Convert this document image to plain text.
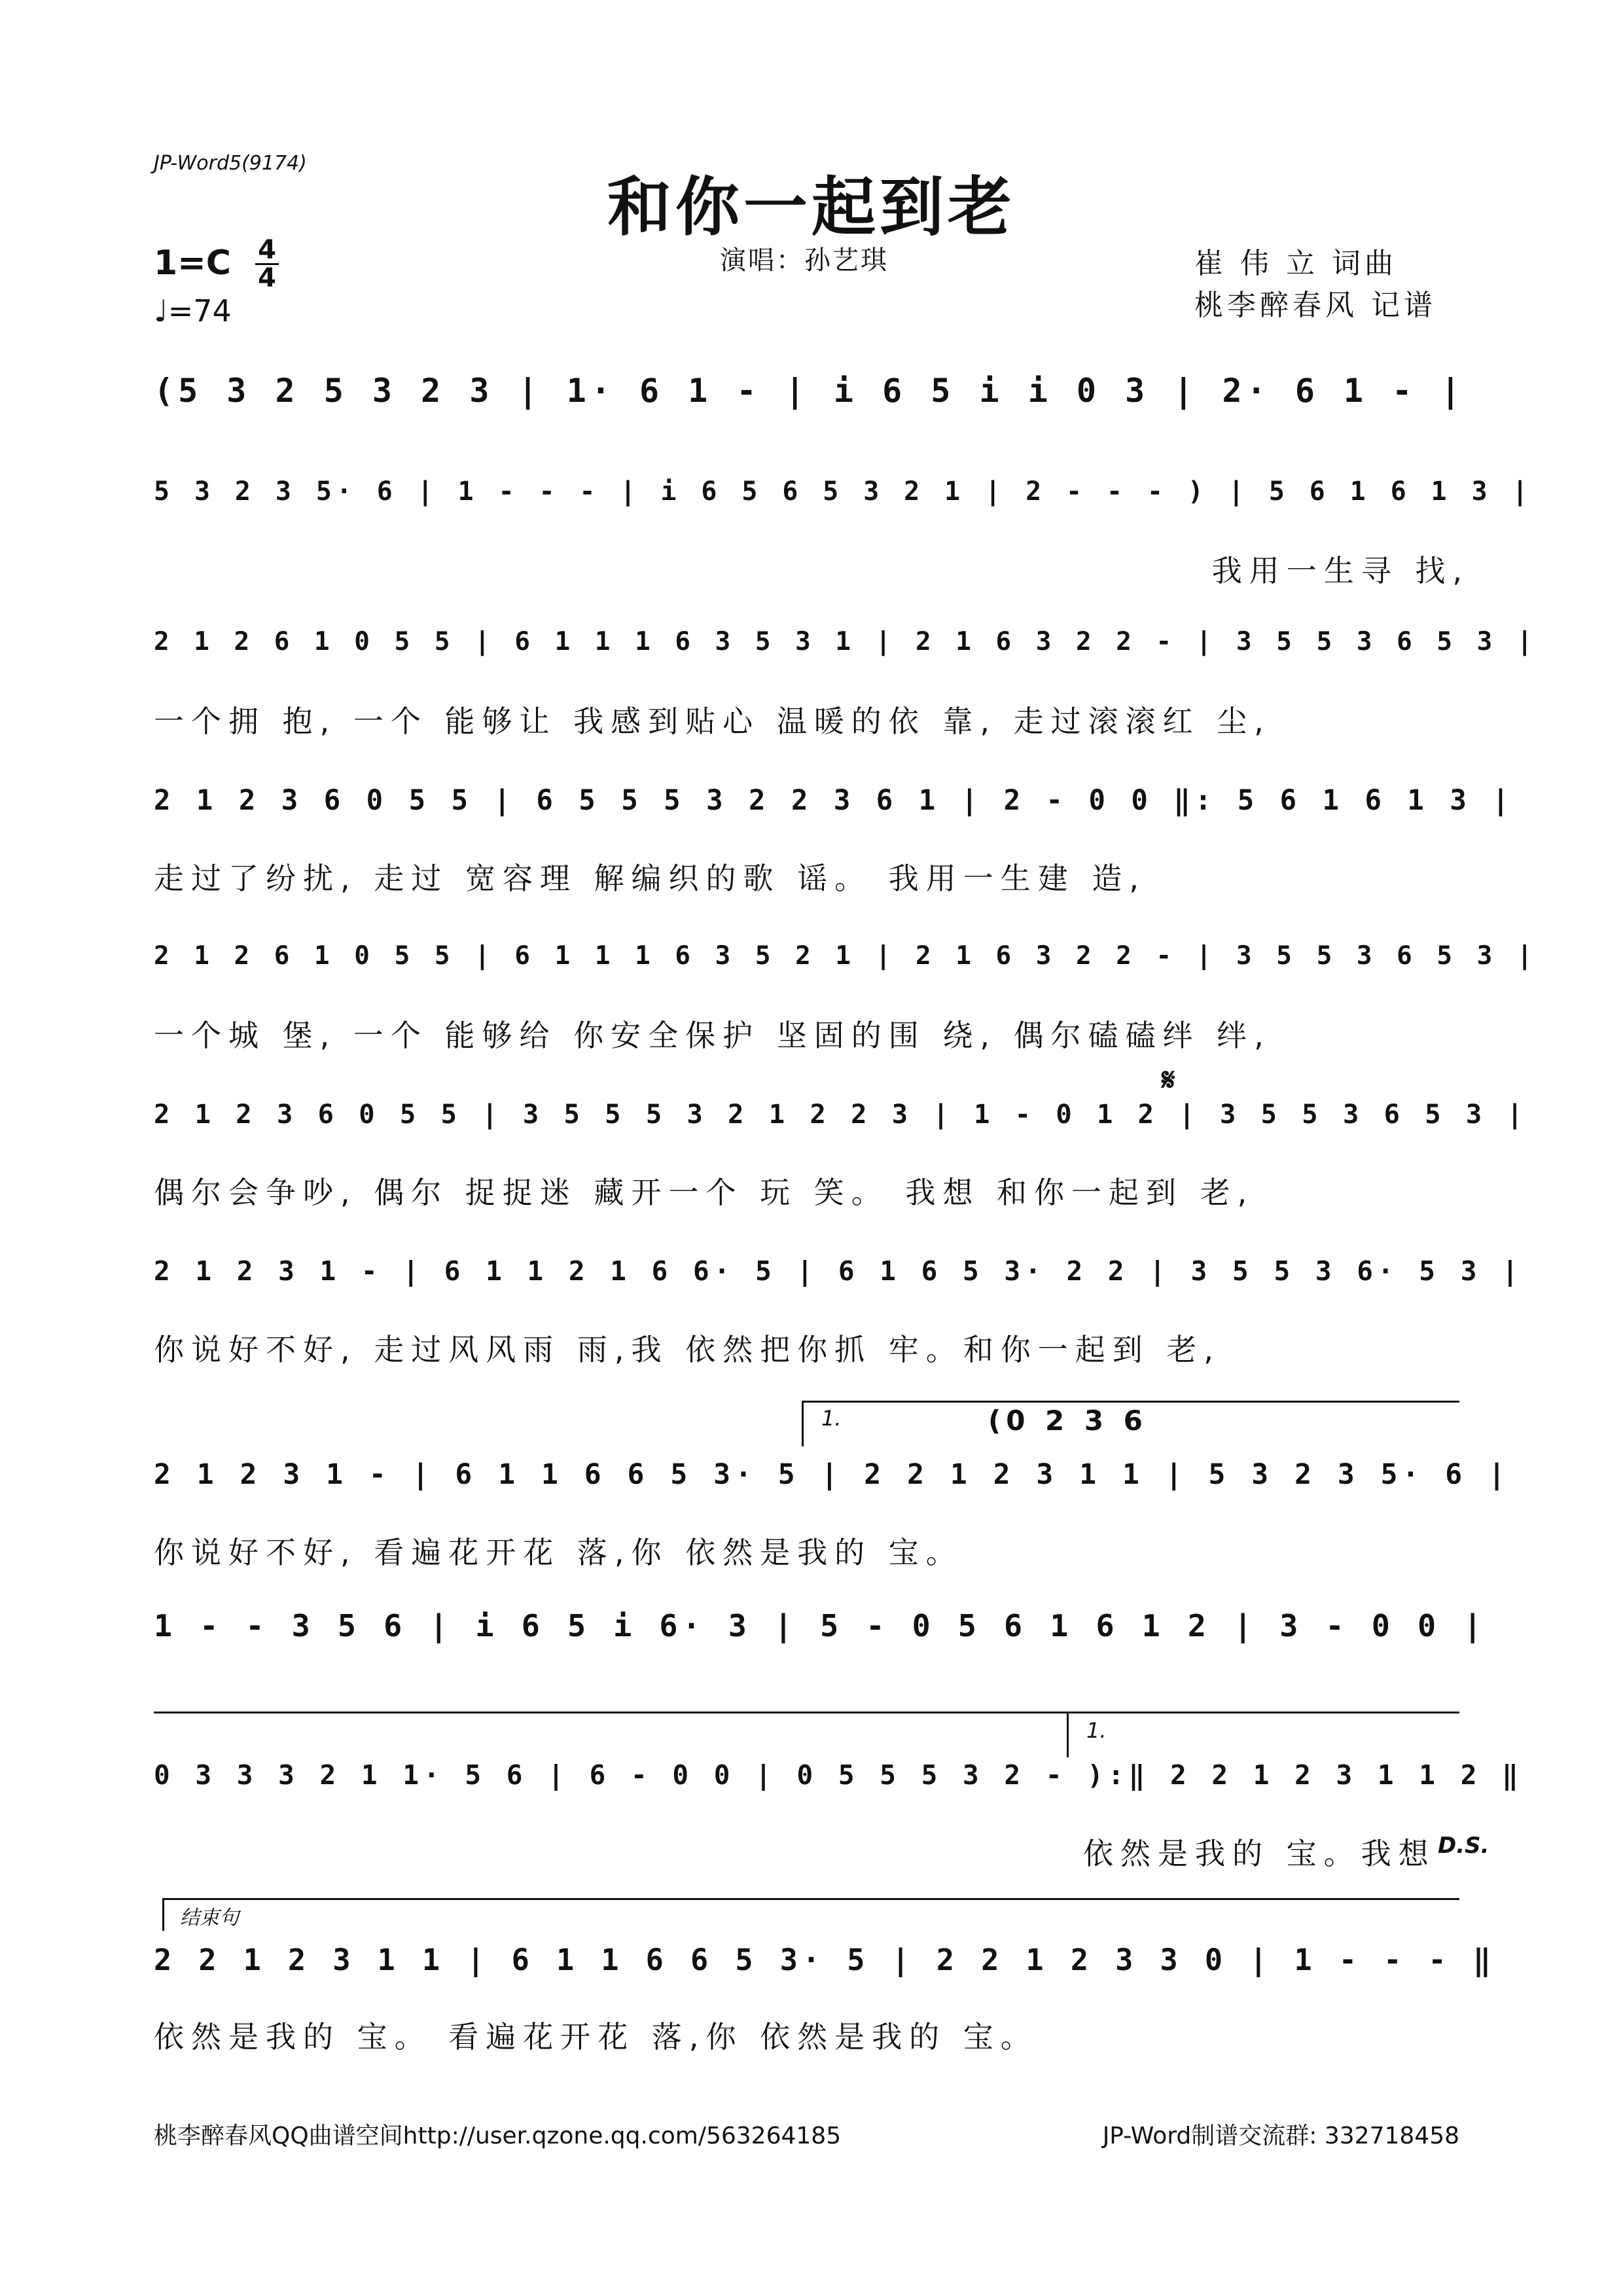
JP-Word5(9174)
和你一起到老
1=C 4
4
♩=74
演唱：孙艺琪	崔 伟 立 词曲
桃李醉春风 记谱
(5 3 2 5 3 2 3 | 1· 6 1 - | i 6 5 i i 0 3 | 2· 6 1 - |
5 3 2 3 5· 6 | 1 - - - | i 6 5 6 5 3 2 1 | 2 - - - ) | 5 6 1 6 1 3 |
我用一生寻 找,
2 1 2 6 1 0 5 5 | 6 1 1 1 6 3 5 3 1 | 2 1 6 3 2 2 - | 3 5 5 3 6 5 3 |
一个拥 抱, 一个 能够让 我感到贴心 温暖的依 靠, 走过滚滚红 尘,
2 1 2 3 6 0 5 5 | 6 5 5 5 3 2 2 3 6 1 | 2 - 0 0 ‖: 5 6 1 6 1 3 |
走过了纷扰, 走过 宽容理 解编织的歌 谣。 我用一生建 造,
2 1 2 6 1 0 5 5 | 6 1 1 1 6 3 5 2 1 | 2 1 6 3 2 2 - | 3 5 5 3 6 5 3 |
一个城 堡, 一个 能够给 你安全保护 坚固的围 绕, 偶尔磕磕绊 绊,
𝄋
2 1 2 3 6 0 5 5 | 3 5 5 5 3 2 1 2 2 3 | 1 - 0 1 2 | 3 5 5 3 6 5 3 |
偶尔会争吵, 偶尔 捉捉迷 藏开一个 玩 笑。 我想 和你一起到 老,
2 1 2 3 1 - | 6 1 1 2 1 6 6· 5 | 6 1 6 5 3· 2 2 | 3 5 5 3 6· 5 3 |
你说好不好, 走过风风雨 雨,我 依然把你抓 牢。和你一起到 老,
1.	(0 2 3 6
2 1 2 3 1 - | 6 1 1 6 6 5 3· 5 | 2 2 1 2 3 1 1 | 5 3 2 3 5· 6 |
你说好不好, 看遍花开花 落,你 依然是我的 宝。
1 - - 3 5 6 | i 6 5 i 6· 3 | 5 - 0 5 6 1 6 1 2 | 3 - 0 0 |
1.
0 3 3 3 2 1 1· 5 6 | 6 - 0 0 | 0 5 5 5 3 2 - ):‖ 2 2 1 2 3 1 1 2 ‖
依然是我的 宝。我想 D.S.
结束句
2 2 1 2 3 1 1 | 6 1 1 6 6 5 3· 5 | 2 2 1 2 3 3 0 | 1 - - - ‖
依然是我的 宝。 看遍花开花 落,你 依然是我的 宝。
桃李醉春风QQ曲谱空间http://user.qzone.qq.com/563264185	JP-Word制谱交流群: 332718458
